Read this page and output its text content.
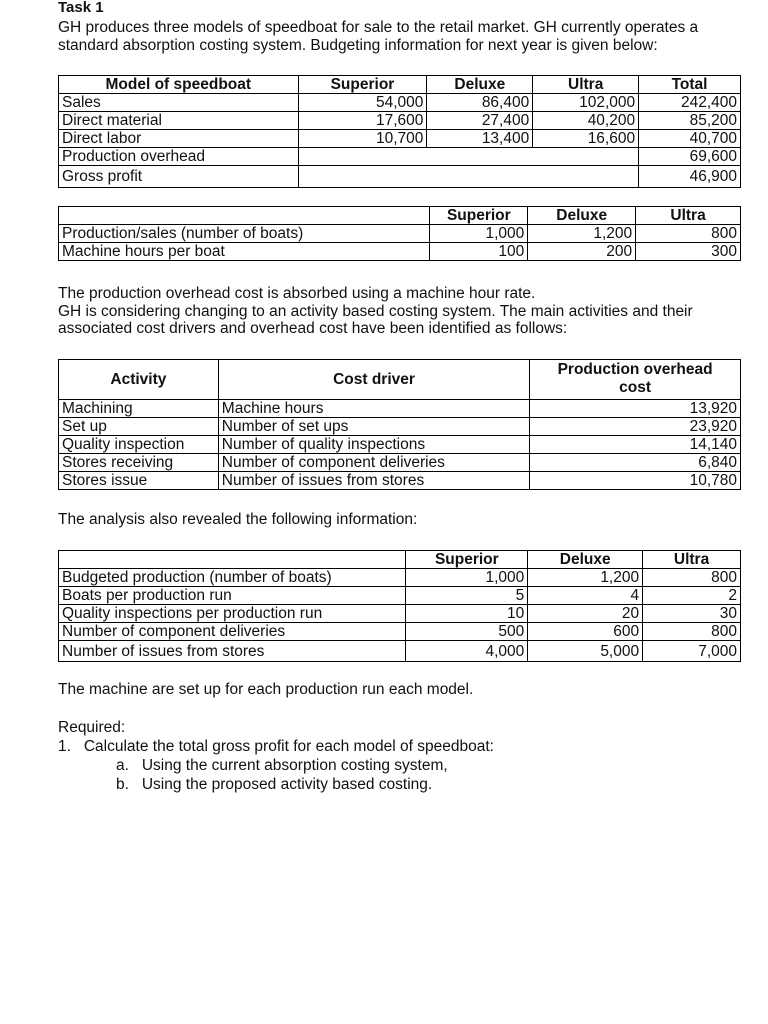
Task 1

GH produces three models of speedboat for sale to the retail market. GH currently operates a standard absorption costing system. Budgeting information for next year is given below:

Model of speedboat	Superior	Deluxe	Ultra	Total
Sales	54,000	86,400	102,000	242,400
Direct material	17,600	27,400	40,200	85,200
Direct labor	10,700	13,400	16,600	40,700
Production overhead				69,600
Gross profit				46,900
	Superior	Deluxe	Ultra
Production/sales (number of boats)	1,000	1,200	800
Machine hours per boat	100	200	300

The production overhead cost is absorbed using a machine hour rate.

GH is considering changing to an activity based costing system. The main activities and their associated cost drivers and overhead cost have been identified as follows:

Activity	Cost driver	Production overhead cost
Machining	Machine hours	13,920
Set up	Number of set ups	23,920
Quality inspection	Number of quality inspections	14,140
Stores receiving	Number of component deliveries	6,840
Stores issue	Number of issues from stores	10,780

The analysis also revealed the following information:

	Superior	Deluxe	Ultra
Budgeted production (number of boats)	1,000	1,200	800
Boats per production run	5	4	2
Quality inspections per production run	10	20	30
Number of component deliveries	500	600	800
Number of issues from stores	4,000	5,000	7,000

The machine are set up for each production run each model.

Required:
1.   Calculate the total gross profit for each model of speedboat:
a.   Using the current absorption costing system,
b.   Using the proposed activity based costing.
